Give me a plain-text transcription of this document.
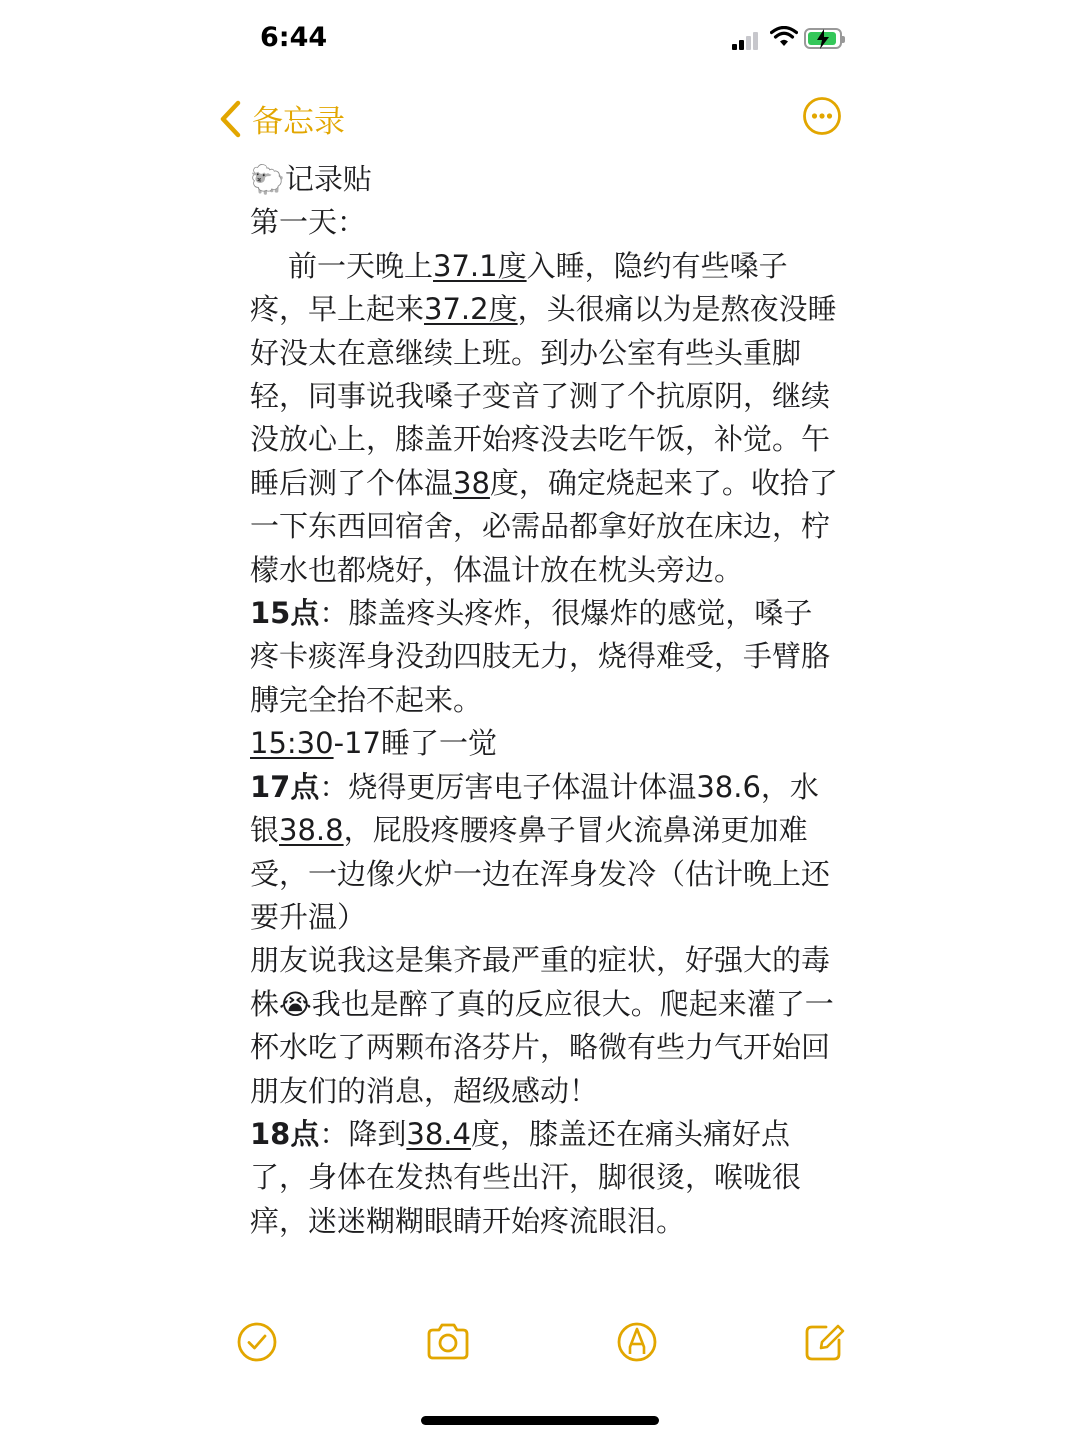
6:44
备忘录

🐑记录贴

第一天：

前一天晚上37.1度入睡，隐约有些嗓子疼，早上起来37.2度，头很痛以为是熬夜没睡好没太在意继续上班。到办公室有些头重脚轻，同事说我嗓子变音了测了个抗原阴，继续没放心上，膝盖开始疼没去吃午饭，补觉。午睡后测了个体温38度，确定烧起来了。收拾了一下东西回宿舍，必需品都拿好放在床边，柠檬水也都烧好，体温计放在枕头旁边。

15点：膝盖疼头疼炸，很爆炸的感觉，嗓子疼卡痰浑身没劲四肢无力，烧得难受，手臂胳膊完全抬不起来。

15:30-17睡了一觉

17点：烧得更厉害电子体温计体温38.6，水银38.8，屁股疼腰疼鼻子冒火流鼻涕更加难受，一边像火炉一边在浑身发冷（估计晚上还要升温）

朋友说我这是集齐最严重的症状，好强大的毒株😭我也是醉了真的反应很大。爬起来灌了一杯水吃了两颗布洛芬片，略微有些力气开始回朋友们的消息，超级感动！

18点：降到38.4度，膝盖还在痛头痛好点了，身体在发热有些出汗，脚很烫，喉咙很痒，迷迷糊糊眼睛开始疼流眼泪。
